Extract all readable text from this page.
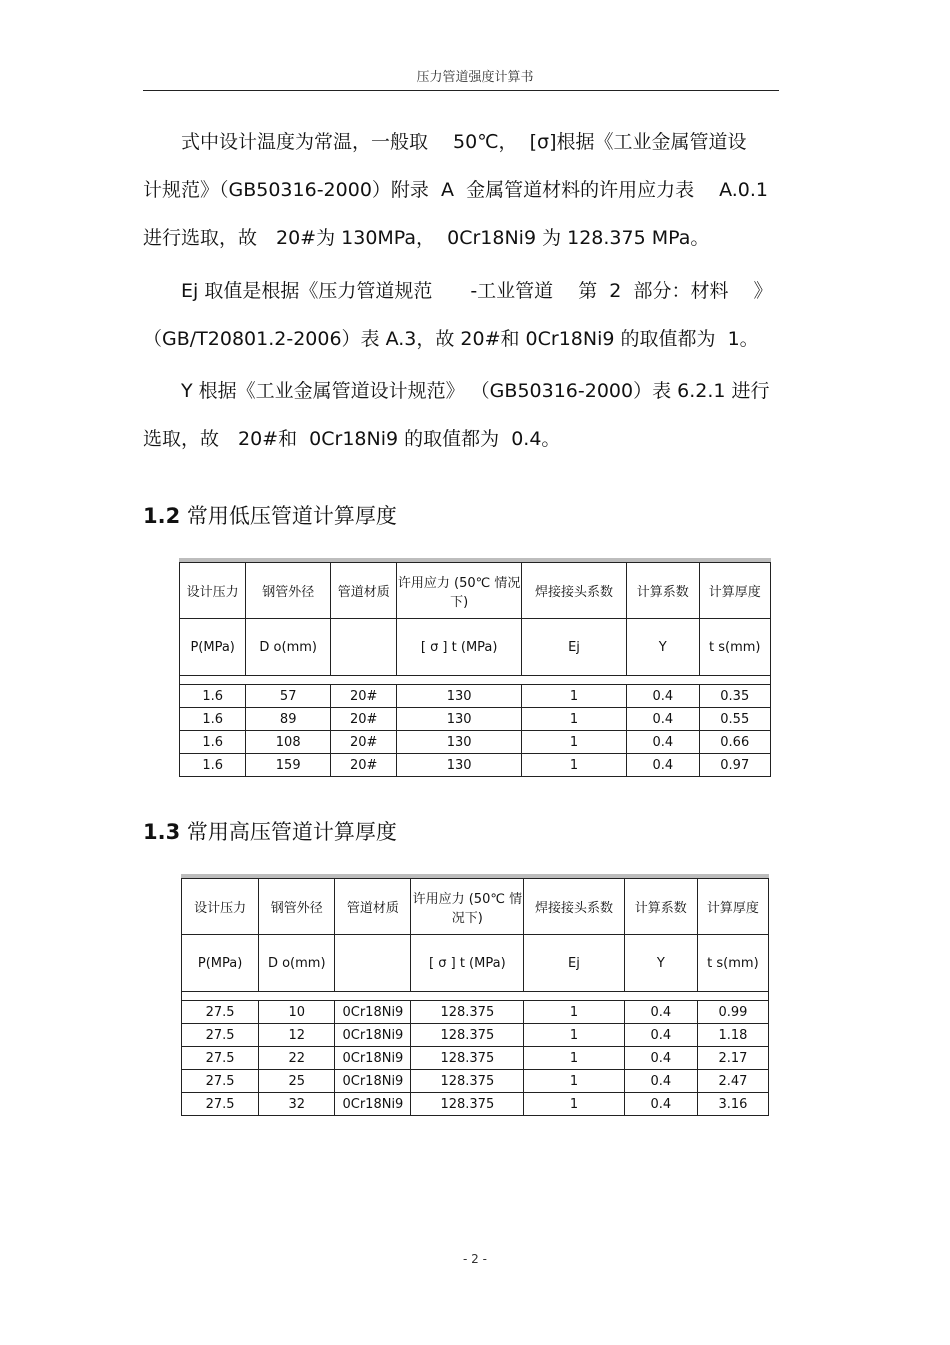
压力管道强度计算书

　　式中设计温度为常温，一般取　 50℃，  [σ]根据《工业金属管道设

计规范》（GB50316-2000）附录  A  金属管道材料的许用应力表　 A.0.1

进行选取，故　20#为 130MPa，  0Cr18Ni9 为 128.375 MPa。

　　Ej 取值是根据《压力管道规范　　-工业管道　 第  2  部分：材料　 》

（GB/T20801.2-2006）表 A.3，故 20#和 0Cr18Ni9 的取值都为  1。

　　Y 根据《工业金属管道设计规范》 （GB50316-2000）表 6.2.1 进行

选取，故　20#和  0Cr18Ni9 的取值都为  0.4。

1.2 常用低压管道计算厚度
设计压力	钢管外径	管道材质	许用应力 (50℃ 情况下)	焊接接头系数	计算系数	计算厚度
P(MPa)	D o(mm)		[ σ ] t (MPa)	Ej	Y	t s(mm)

1.6	57	20#	130	1	0.4	0.35
1.6	89	20#	130	1	0.4	0.55
1.6	108	20#	130	1	0.4	0.66
1.6	159	20#	130	1	0.4	0.97
1.3 常用高压管道计算厚度
设计压力	钢管外径	管道材质	许用应力 (50℃ 情况下)	焊接接头系数	计算系数	计算厚度
P(MPa)	D o(mm)		[ σ ] t (MPa)	Ej	Y	t s(mm)

27.5	10	0Cr18Ni9	128.375	1	0.4	0.99
27.5	12	0Cr18Ni9	128.375	1	0.4	1.18
27.5	22	0Cr18Ni9	128.375	1	0.4	2.17
27.5	25	0Cr18Ni9	128.375	1	0.4	2.47
27.5	32	0Cr18Ni9	128.375	1	0.4	3.16
- 2 -
